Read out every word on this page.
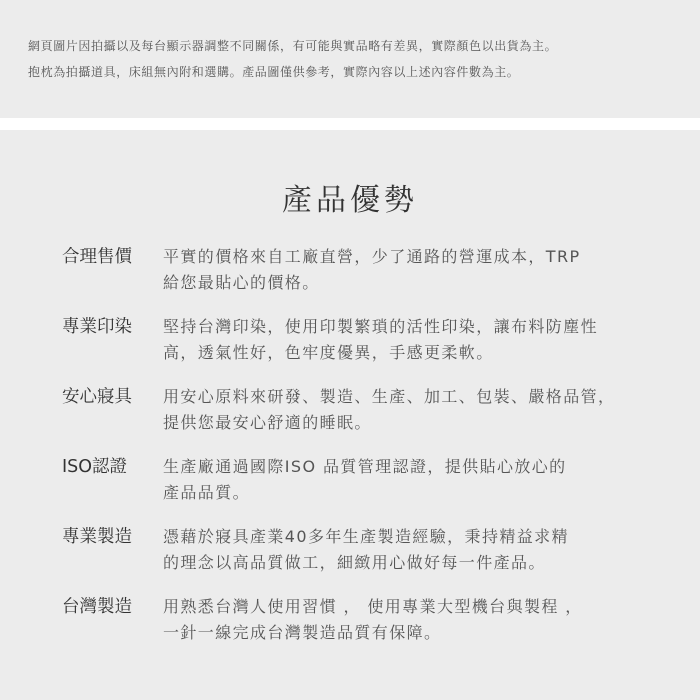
網頁圖片因拍攝以及每台顯示器調整不同關係，有可能與實品略有差異，實際顏色以出貨為主。

抱枕為拍攝道具，床組無內附和選購。產品圖僅供參考，實際內容以上述內容件數為主。

產品優勢
合理售價	平實的價格來自工廠直營，少了通路的營運成本，TRP
給您最貼心的價格。
專業印染	堅持台灣印染，使用印製繁瑣的活性印染，讓布料防塵性
高，透氣性好，色牢度優異，手感更柔軟。
安心寢具	用安心原料來研發、製造、生產、加工、包裝、嚴格品管，
提供您最安心舒適的睡眠。
ISO認證	生產廠通過國際ISO 品質管理認證，提供貼心放心的
產品品質。
專業製造	憑藉於寢具產業40多年生產製造經驗，秉持精益求精
的理念以高品質做工，細緻用心做好每一件產品。
台灣製造	用熟悉台灣人使用習慣 ， 使用專業大型機台與製程 ，
一針一線完成台灣製造品質有保障。
